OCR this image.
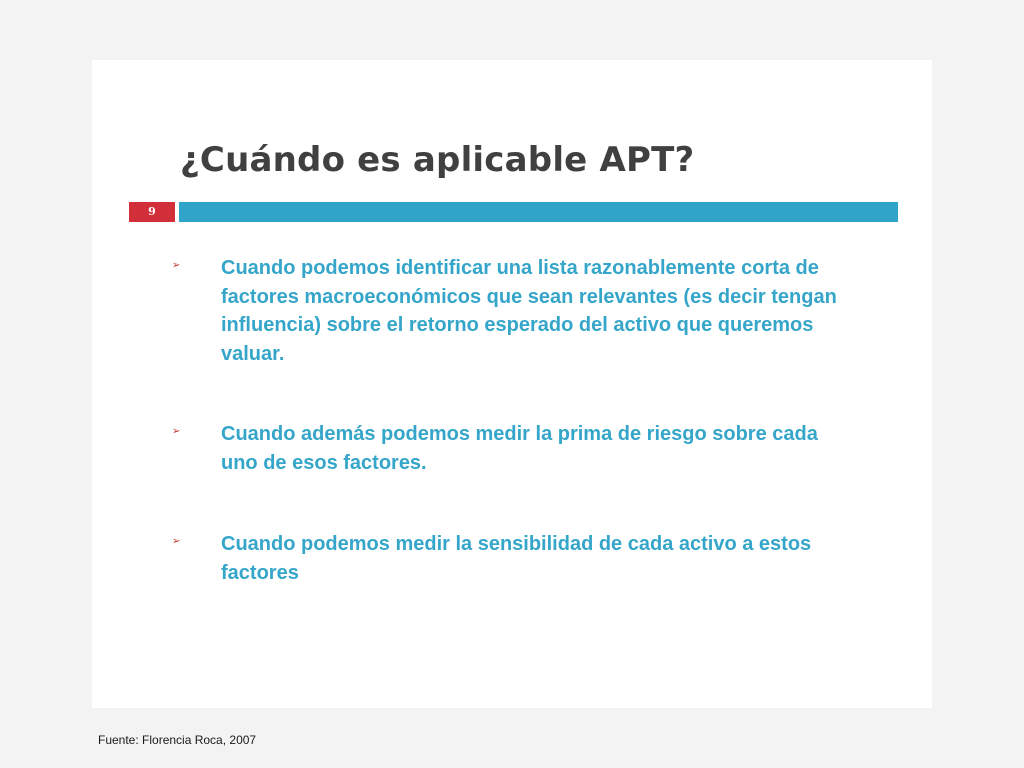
¿Cuándo es aplicable APT?
9
➢ Cuando podemos identificar una lista razonablemente corta de factores macroeconómicos que sean relevantes (es decir tengan influencia) sobre el retorno esperado del activo que queremos valuar.
➢ Cuando además podemos medir la prima de riesgo sobre cada uno de esos factores.
➢ Cuando podemos medir la sensibilidad de cada activo a estos factores
Fuente: Florencia Roca, 2007
